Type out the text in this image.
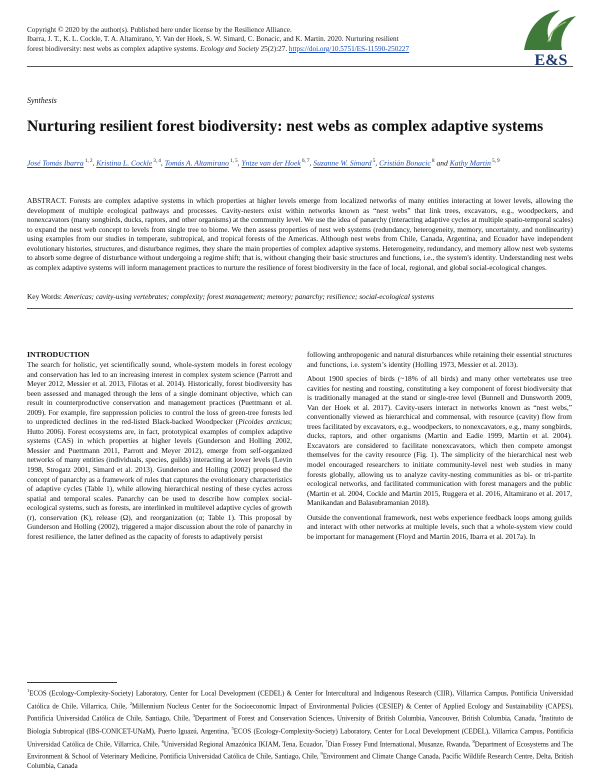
Copyright © 2020 by the author(s). Published here under license by the Resilience Alliance.
Ibarra, J. T., K. L. Cockle, T. A. Altamirano, Y. Van der Hoek, S. W. Simard, C. Bonacic, and K. Martin. 2020. Nurturing resilient
forest biodiversity: nest webs as complex adaptive systems. Ecology and Society 25(2):27. https://doi.org/10.5751/ES-11590-250227
E&S
Synthesis
Nurturing resilient forest biodiversity: nest webs as complex adaptive systems
José Tomás Ibarra $^{1, 2}$, Kristina L. Cockle $^{3, 4}$, Tomás A. Altamirano $^{1, 5}$, Yntze van der Hoek $^{6, 7}$, Suzanne W. Simard $^5$, Cristián Bonacic $^8$ and Kathy Martin $^{5, 9}$
ABSTRACT. Forests are complex adaptive systems in which properties at higher levels emerge from localized networks of many entities interacting at lower levels, allowing the development of multiple ecological pathways and processes. Cavity-nesters exist within networks known as “nest webs” that link trees, excavators, e.g., woodpeckers, and nonexcavators (many songbirds, ducks, raptors, and other organisms) at the community level. We use the idea of panarchy (interacting adaptive cycles at multiple spatio-temporal scales) to expand the nest web concept to levels from single tree to biome. We then assess properties of nest web systems (redundancy, heterogeneity, memory, uncertainty, and nonlinearity) using examples from our studies in temperate, subtropical, and tropical forests of the Americas. Although nest webs from Chile, Canada, Argentina, and Ecuador have independent evolutionary histories, structures, and disturbance regimes, they share the main properties of complex adaptive systems. Heterogeneity, redundancy, and memory allow nest web systems to absorb some degree of disturbance without undergoing a regime shift; that is, without changing their basic structures and functions, i.e., the system's identity. Understanding nest webs as complex adaptive systems will inform management practices to nurture the resilience of forest biodiversity in the face of local, regional, and global social-ecological changes.
Key Words: Americas; cavity-using vertebrates; complexity; forest management; memory; panarchy; resilience; social-ecological systems
INTRODUCTION

The search for holistic, yet scientifically sound, whole-system models in forest ecology and conservation has led to an increasing interest in complex system science (Parrott and Meyer 2012, Messier et al. 2013, Filotas et al. 2014). Historically, forest biodiversity has been assessed and managed through the lens of a single dominant objective, which can result in counterproductive conservation and management practices (Puettmann et al. 2009). For example, fire suppression policies to control the loss of green-tree forests led to unpredicted declines in the red-listed Black-backed Woodpecker (Picoides arcticus; Hutto 2006). Forest ecosystems are, in fact, prototypical examples of complex adaptive systems (CAS) in which properties at higher levels (Gunderson and Holling 2002, Messier and Puettmann 2011, Parrott and Meyer 2012), emerge from self-organized networks of many entities (individuals, species, guilds) interacting at lower levels (Levin 1998, Strogatz 2001, Simard et al. 2013). Gunderson and Holling (2002) proposed the concept of panarchy as a framework of rules that captures the evolutionary characteristics of adaptive cycles (Table 1), while allowing hierarchical nesting of these cycles across spatial and temporal scales. Panarchy can be used to describe how complex social-ecological systems, such as forests, are interlinked in multilevel adaptive cycles of growth (r), conservation (K), release (Ω), and reorganization (α; Table 1). This proposal by Gunderson and Holling (2002), triggered a major discussion about the role of panarchy in forest resilience, the latter defined as the capacity of forests to adaptively persist

following anthropogenic and natural disturbances while retaining their essential structures and functions, i.e. system’s identity (Holling 1973, Messier et al. 2013).

About 1900 species of birds (~18% of all birds) and many other vertebrates use tree cavities for nesting and roosting, constituting a key component of forest biodiversity that is traditionally managed at the stand or single-tree level (Bunnell and Dunsworth 2009, Van der Hoek et al. 2017). Cavity-users interact in networks known as “nest webs,” conventionally viewed as hierarchical and commensal, with resource (cavity) flow from trees facilitated by excavators, e.g., woodpeckers, to nonexcavators, e.g., many songbirds, ducks, raptors, and other organisms (Martin and Eadie 1999, Martin et al. 2004). Excavators are considered to facilitate nonexcavators, which then compete amongst themselves for the cavity resource (Fig. 1). The simplicity of the hierarchical nest web model encouraged researchers to initiate community-level nest web studies in many forests globally, allowing us to analyze cavity-nesting communities as bi- or tri-partite ecological networks, and facilitated communication with forest managers and the public (Martin et al. 2004, Cockle and Martin 2015, Ruggera et al. 2016, Altamirano et al. 2017, Manikandan and Balasubramanian 2018).

Outside the conventional framework, nest webs experience feedback loops among guilds and interact with other networks at multiple levels, such that a whole-system view could be important for management (Floyd and Martin 2016, Ibarra et al. 2017a). In

$^1$ECOS (Ecology-Complexity-Society) Laboratory, Center for Local Development (CEDEL) & Center for Intercultural and Indigenous Research (CIIR), Villarrica Campus, Pontificia Universidad Católica de Chile, Villarrica, Chile, $^2$Millennium Nucleus Center for the Socioeconomic Impact of Environmental Policies (CESIEP) & Center of Applied Ecology and Sustainability (CAPES), Pontificia Universidad Católica de Chile, Santiago, Chile, $^3$Department of Forest and Conservation Sciences, University of British Columbia, Vancouver, British Columbia, Canada, $^4$Instituto de Biología Subtropical (IBS-CONICET-UNaM), Puerto Iguazú, Argentina, $^5$ECOS (Ecology-Complexity-Society) Laboratory, Center for Local Development (CEDEL), Villarrica Campus, Pontificia Universidad Católica de Chile, Villarrica, Chile, $^6$Universidad Regional Amazónica IKIAM, Tena, Ecuador, $^7$Dian Fossey Fund International, Musanze, Rwanda, $^8$Department of Ecosystems and The Environment & School of Veterinary Medicine, Pontificia Universidad Católica de Chile, Santiago, Chile, $^9$Environment and Climate Change Canada, Pacific Wildlife Research Centre, Delta, British Columbia, Canada
